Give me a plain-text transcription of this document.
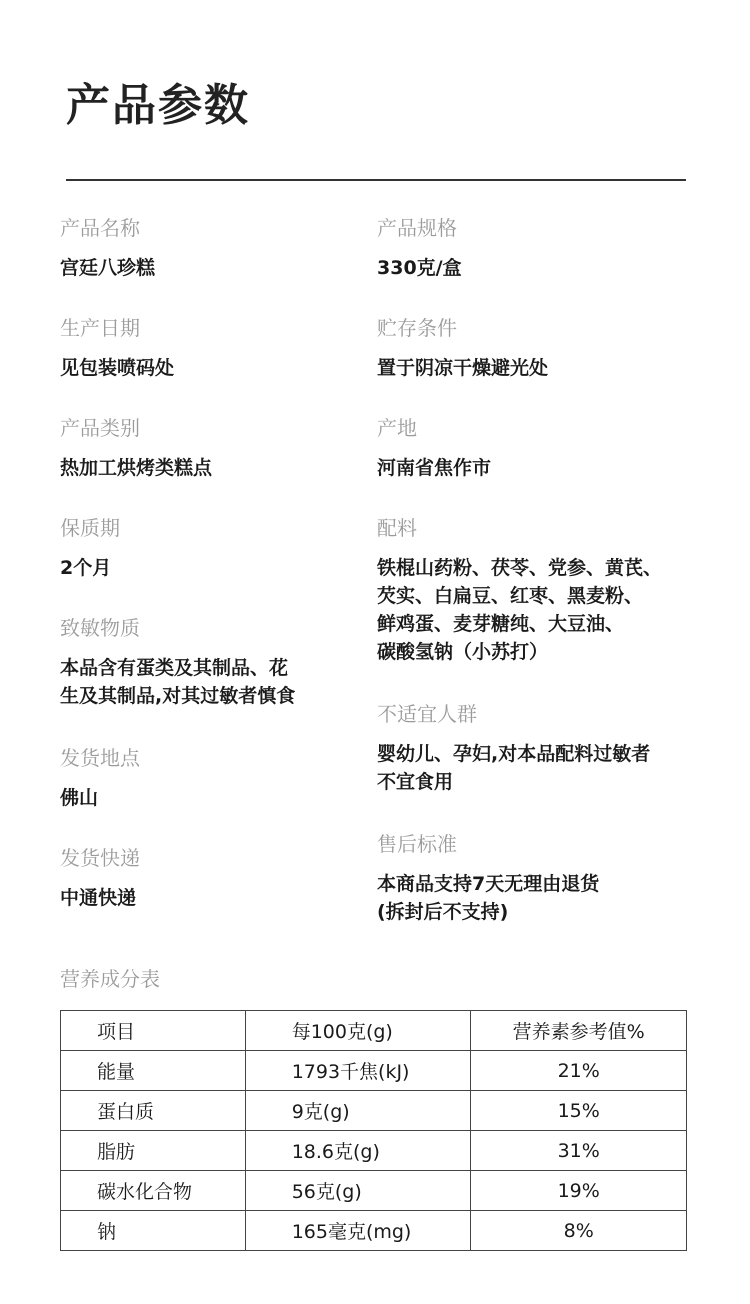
产品参数
产品名称
宫廷八珍糕
生产日期
见包装喷码处
产品类别
热加工烘烤类糕点
保质期
2个月
致敏物质
本品含有蛋类及其制品、花
生及其制品,对其过敏者慎食
发货地点
佛山
发货快递
中通快递
产品规格
330克/盒
贮存条件
置于阴凉干燥避光处
产地
河南省焦作市
配料
铁棍山药粉、茯苓、党参、黄芪、
芡实、白扁豆、红枣、黑麦粉、
鲜鸡蛋、麦芽糖纯、大豆油、
碳酸氢钠（小苏打）
不适宜人群
婴幼儿、孕妇,对本品配料过敏者
不宜食用
售后标准
本商品支持7天无理由退货
(拆封后不支持)
营养成分表
项目	每100克(g)	营养素参考值%
能量	1793千焦(kJ)	21%
蛋白质	9克(g)	15%
脂肪	18.6克(g)	31%
碳水化合物	56克(g)	19%
钠	165毫克(mg)	8%
